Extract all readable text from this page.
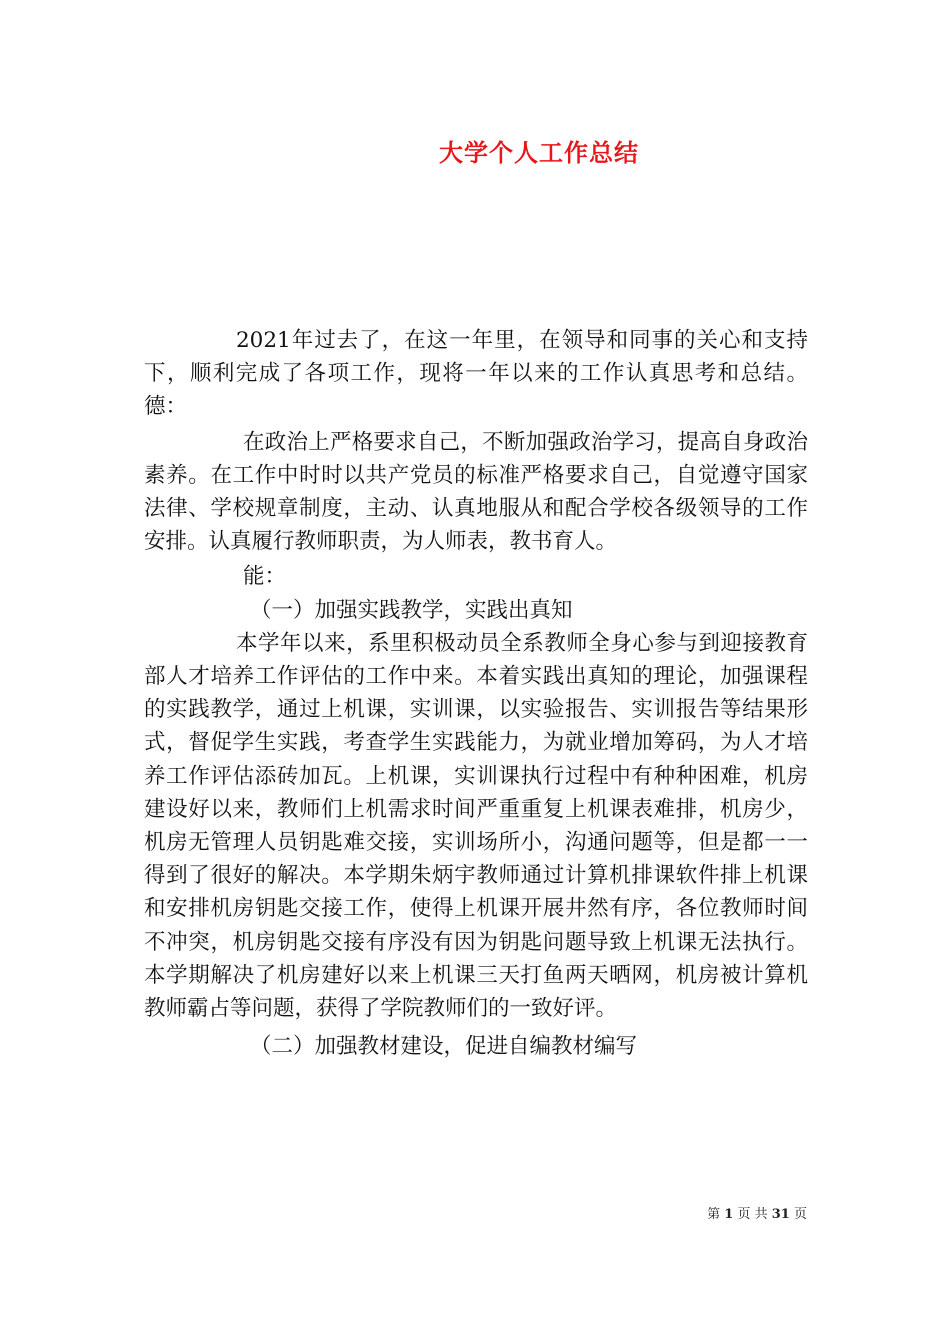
大学个人工作总结

2021年过去了，在这一年里，在领导和同事的关心和支持下，顺利完成了各项工作，现将一年以来的工作认真思考和总结。德：

在政治上严格要求自己，不断加强政治学习，提高自身政治素养。在工作中时时以共产党员的标准严格要求自己，自觉遵守国家法律、学校规章制度，主动、认真地服从和配合学校各级领导的工作安排。认真履行教师职责，为人师表，教书育人。

能：

（一）加强实践教学，实践出真知

本学年以来，系里积极动员全系教师全身心参与到迎接教育部人才培养工作评估的工作中来。本着实践出真知的理论，加强课程的实践教学，通过上机课，实训课，以实验报告、实训报告等结果形式，督促学生实践，考查学生实践能力，为就业增加筹码，为人才培养工作评估添砖加瓦。上机课，实训课执行过程中有种种困难，机房建设好以来，教师们上机需求时间严重重复上机课表难排，机房少，机房无管理人员钥匙难交接，实训场所小，沟通问题等，但是都一一得到了很好的解决。本学期朱炳宇教师通过计算机排课软件排上机课和安排机房钥匙交接工作，使得上机课开展井然有序，各位教师时间不冲突，机房钥匙交接有序没有因为钥匙问题导致上机课无法执行。本学期解决了机房建好以来上机课三天打鱼两天晒网，机房被计算机教师霸占等问题，获得了学院教师们的一致好评。

（二）加强教材建设，促进自编教材编写

第 1 页 共 31 页
